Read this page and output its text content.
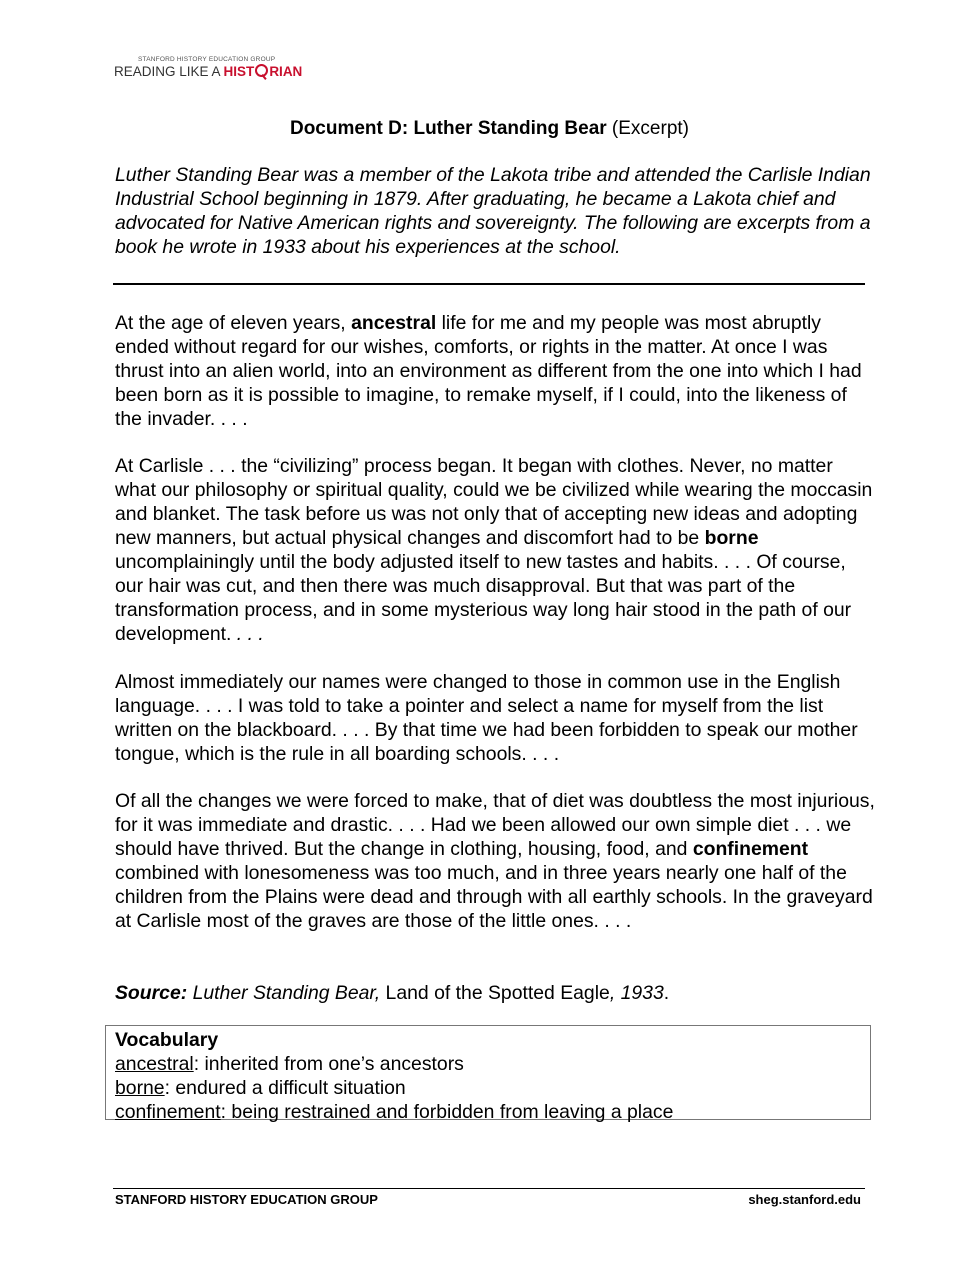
STANFORD HISTORY EDUCATION GROUP
READING LIKE A HIST RIAN
Document D: Luther Standing Bear (Excerpt)
Luther Standing Bear was a member of the Lakota tribe and attended the Carlisle Indian Industrial School beginning in 1879. After graduating, he became a Lakota chief and advocated for Native American rights and sovereignty. The following are excerpts from a book he wrote in 1933 about his experiences at the school.
At the age of eleven years, ancestral life for me and my people was most abruptly ended without regard for our wishes, comforts, or rights in the matter. At once I was thrust into an alien world, into an environment as different from the one into which I had been born as it is possible to imagine, to remake myself, if I could, into the likeness of the invader. . . .
At Carlisle . . . the “civilizing” process began. It began with clothes. Never, no matter what our philosophy or spiritual quality, could we be civilized while wearing the moccasin and blanket. The task before us was not only that of accepting new ideas and adopting new manners, but actual physical changes and discomfort had to be borne uncomplainingly until the body adjusted itself to new tastes and habits. . . . Of course, our hair was cut, and then there was much disapproval. But that was part of the transformation process, and in some mysterious way long hair stood in the path of our development. . . .
Almost immediately our names were changed to those in common use in the English language. . . . I was told to take a pointer and select a name for myself from the list written on the blackboard. . . . By that time we had been forbidden to speak our mother tongue, which is the rule in all boarding schools. . . .
Of all the changes we were forced to make, that of diet was doubtless the most injurious, for it was immediate and drastic. . . . Had we been allowed our own simple diet . . . we should have thrived. But the change in clothing, housing, food, and confinement combined with lonesomeness was too much, and in three years nearly one half of the children from the Plains were dead and through with all earthly schools. In the graveyard at Carlisle most of the graves are those of the little ones. . . .
Source: Luther Standing Bear, Land of the Spotted Eagle, 1933.
Vocabulary
ancestral: inherited from one’s ancestors
borne: endured a difficult situation
confinement: being restrained and forbidden from leaving a place
STANFORD HISTORY EDUCATION GROUP	sheg.stanford.edu
